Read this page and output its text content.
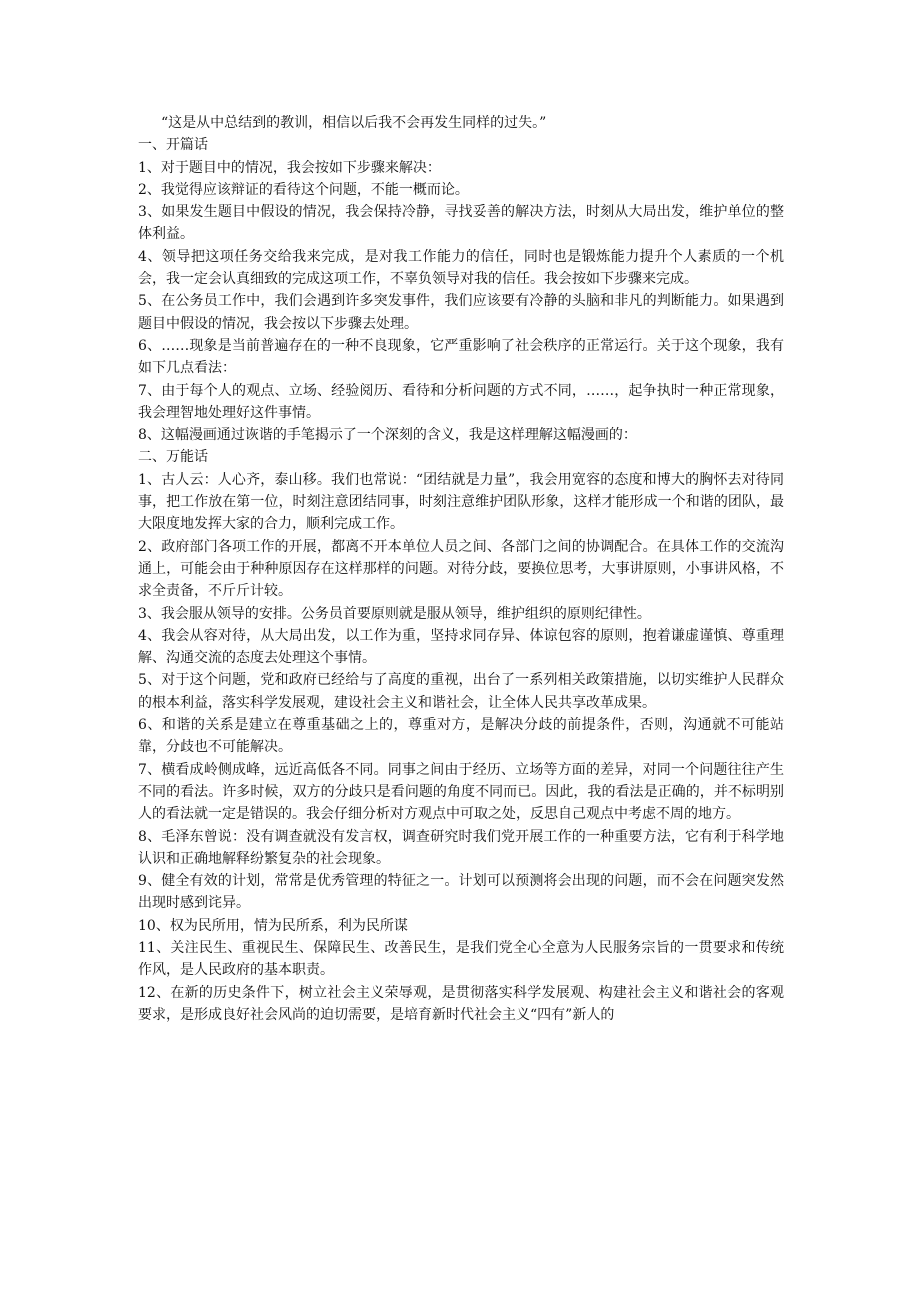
“这是从中总结到的教训，相信以后我不会再发生同样的过失。”

一、开篇话

1、对于题目中的情况，我会按如下步骤来解决：

2、我觉得应该辩证的看待这个问题，不能一概而论。

3、如果发生题目中假设的情况，我会保持冷静，寻找妥善的解决方法，时刻从大局出发，维护单位的整体利益。

4、领导把这项任务交给我来完成，是对我工作能力的信任，同时也是锻炼能力提升个人素质的一个机会，我一定会认真细致的完成这项工作，不辜负领导对我的信任。我会按如下步骤来完成。

5、在公务员工作中，我们会遇到许多突发事件，我们应该要有冷静的头脑和非凡的判断能力。如果遇到题目中假设的情况，我会按以下步骤去处理。

6、……现象是当前普遍存在的一种不良现象，它严重影响了社会秩序的正常运行。关于这个现象，我有如下几点看法：

7、由于每个人的观点、立场、经验阅历、看待和分析问题的方式不同，……，起争执时一种正常现象，我会理智地处理好这件事情。

8、这幅漫画通过诙谐的手笔揭示了一个深刻的含义，我是这样理解这幅漫画的：

二、万能话

1、古人云：人心齐，泰山移。我们也常说：“团结就是力量”，我会用宽容的态度和博大的胸怀去对待同事，把工作放在第一位，时刻注意团结同事，时刻注意维护团队形象，这样才能形成一个和谐的团队，最大限度地发挥大家的合力，顺利完成工作。

2、政府部门各项工作的开展，都离不开本单位人员之间、各部门之间的协调配合。在具体工作的交流沟通上，可能会由于种种原因存在这样那样的问题。对待分歧，要换位思考，大事讲原则，小事讲风格，不求全责备，不斤斤计较。

3、我会服从领导的安排。公务员首要原则就是服从领导，维护组织的原则纪律性。

4、我会从容对待，从大局出发，以工作为重，坚持求同存异、体谅包容的原则，抱着谦虚谨慎、尊重理解、沟通交流的态度去处理这个事情。

5、对于这个问题，党和政府已经给与了高度的重视，出台了一系列相关政策措施，以切实维护人民群众的根本利益，落实科学发展观，建设社会主义和谐社会，让全体人民共享改革成果。

6、和谐的关系是建立在尊重基础之上的，尊重对方，是解决分歧的前提条件，否则，沟通就不可能站靠，分歧也不可能解决。

7、横看成岭侧成峰，远近高低各不同。同事之间由于经历、立场等方面的差异，对同一个问题往往产生不同的看法。许多时候，双方的分歧只是看问题的角度不同而已。因此，我的看法是正确的，并不标明别人的看法就一定是错误的。我会仔细分析对方观点中可取之处，反思自己观点中考虑不周的地方。

8、毛泽东曾说：没有调查就没有发言权，调查研究时我们党开展工作的一种重要方法，它有利于科学地认识和正确地解释纷繁复杂的社会现象。

9、健全有效的计划，常常是优秀管理的特征之一。计划可以预测将会出现的问题，而不会在问题突发然出现时感到诧异。

10、权为民所用，情为民所系，利为民所谋

11、关注民生、重视民生、保障民生、改善民生，是我们党全心全意为人民服务宗旨的一贯要求和传统作风，是人民政府的基本职责。

12、在新的历史条件下，树立社会主义荣辱观，是贯彻落实科学发展观、构建社会主义和谐社会的客观要求，是形成良好社会风尚的迫切需要，是培育新时代社会主义“四有”新人的
